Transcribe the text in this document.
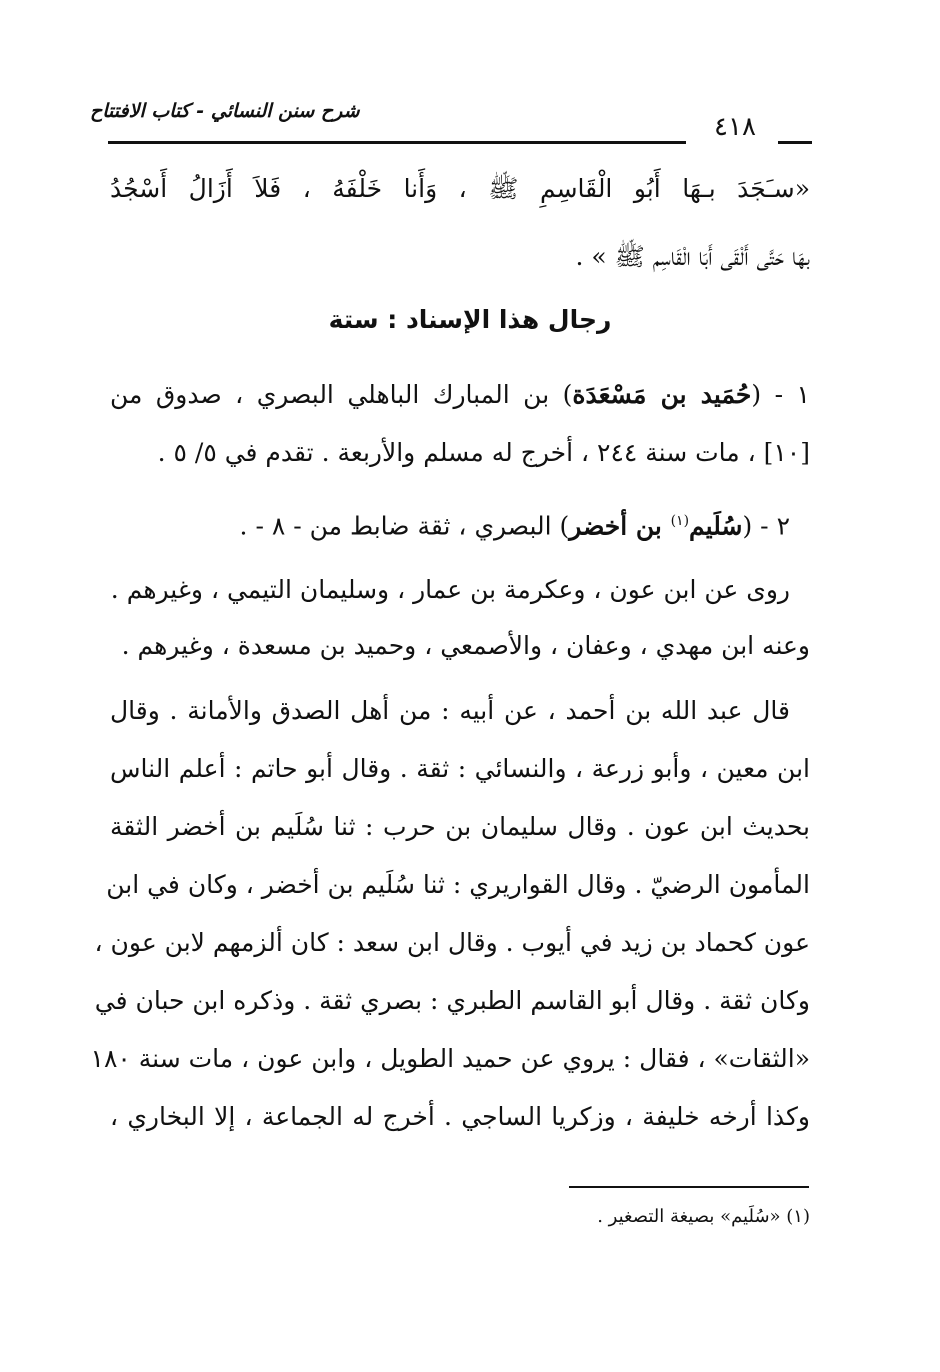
شرح سنن النسائي - كتاب الافتتاح
٤١٨
«سـَجَدَ بـهَا أَبُو الْقَاسِمِ ﷺ ، وَأَنا خَلْفَهُ ، فَلاَ أَزَالُ أَسْجُدُ
بهَا حَتَّى أَلْقَى أَبَا الْقَاسِم ﷺ » .
رجال هذا الإسناد : ستة
١ - (حُمَيد بن مَسْعَدَة) بن المبارك الباهلي البصري ، صدوق من
[١٠] ، مات سنة ٢٤٤ ، أخرج له مسلم والأربعة . تقدم في ٥/ ٥ .
٢ - (سُلَيم$^{(١)}$ بن أخضر) البصري ، ثقة ضابط من - ٨ - .
روى عن ابن عون ، وعكرمة بن عمار ، وسليمان التيمي ، وغيرهم .
وعنه ابن مهدي ، وعفان ، والأصمعي ، وحميد بن مسعدة ، وغيرهم .
قال عبد الله بن أحمد ، عن أبيه : من أهل الصدق والأمانة . وقال
ابن معين ، وأبو زرعة ، والنسائي : ثقة . وقال أبو حاتم : أعلم الناس
بحديث ابن عون . وقال سليمان بن حرب : ثنا سُلَيم بن أخضر الثقة
المأمون الرضيّ . وقال القواريري : ثنا سُلَيم بن أخضر ، وكان في ابن
عون كحماد بن زيد في أيوب . وقال ابن سعد : كان ألزمهم لابن عون ،
وكان ثقة . وقال أبو القاسم الطبري : بصري ثقة . وذكره ابن حبان في
«الثقات» ، فقال : يروي عن حميد الطويل ، وابن عون ، مات سنة ١٨٠
وكذا أرخه خليفة ، وزكريا الساجي . أخرج له الجماعة ، إلا البخاري ،
(١) «سُلَيم» بصيغة التصغير .
